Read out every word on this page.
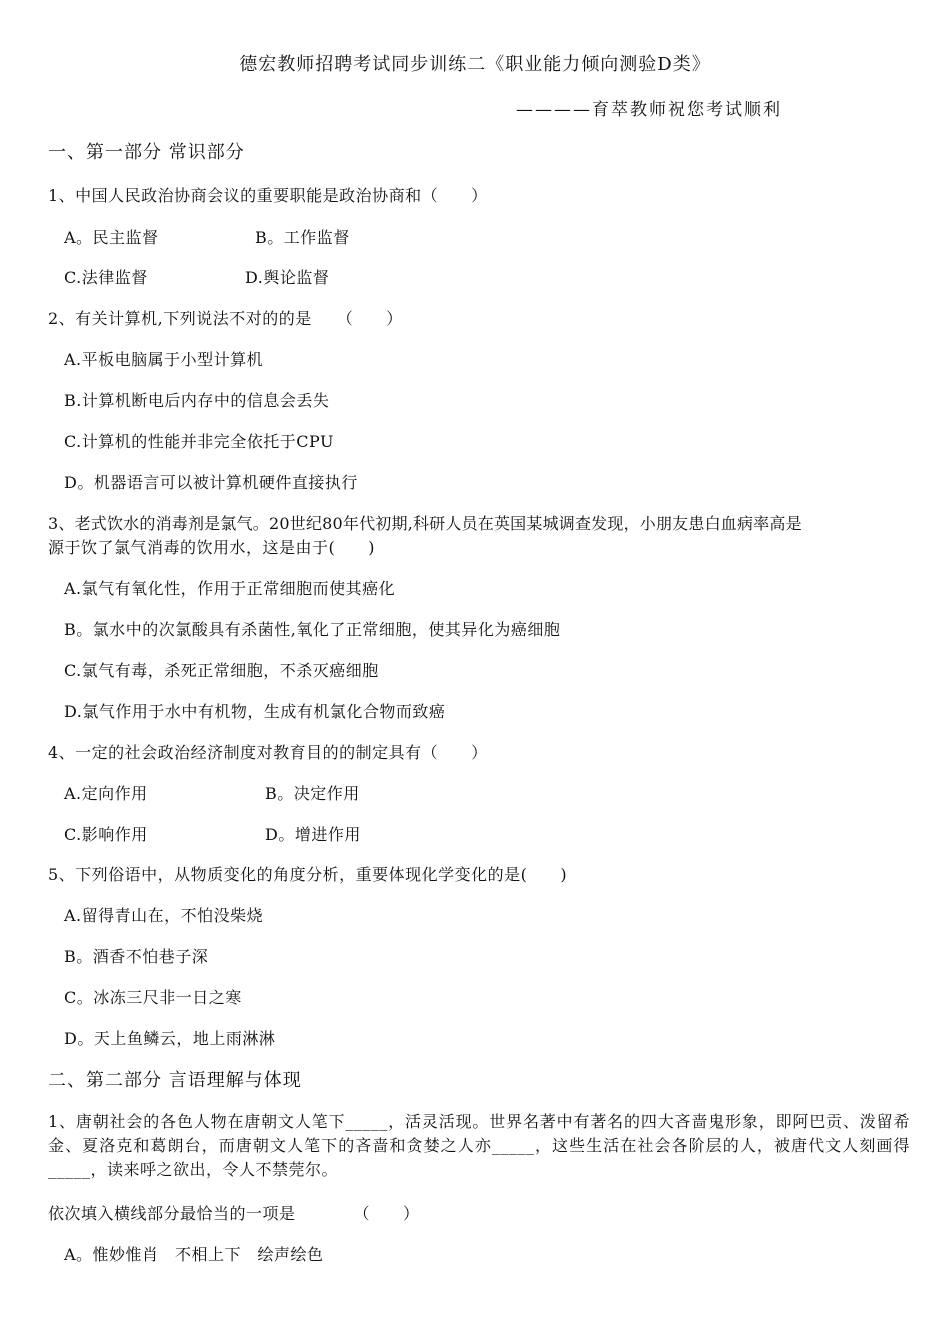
德宏教师招聘考试同步训练二《职业能力倾向测验D类》
————育萃教师祝您考试顺利
一、第一部分 常识部分
1、中国人民政治协商会议的重要职能是政治协商和（　　）
A。民主监督	B。工作监督
C.法律监督	D.舆论监督
2、有关计算机,下列说法不对的的是　　（　　）
A.平板电脑属于小型计算机
B.计算机断电后内存中的信息会丢失
C.计算机的性能并非完全依托于CPU
D。机器语言可以被计算机硬件直接执行
3、老式饮水的消毒剂是氯气。20世纪80年代初期,科研人员在英国某城调查发现，小朋友患白血病率高是
源于饮了氯气消毒的饮用水，这是由于(　　)
A.氯气有氧化性，作用于正常细胞而使其癌化
B。氯水中的次氯酸具有杀菌性,氧化了正常细胞，使其异化为癌细胞
C.氯气有毒，杀死正常细胞，不杀灭癌细胞
D.氯气作用于水中有机物，生成有机氯化合物而致癌
4、一定的社会政治经济制度对教育目的的制定具有（　　）
A.定向作用	B。决定作用
C.影响作用	D。增进作用
5、下列俗语中，从物质变化的角度分析，重要体现化学变化的是(　　)
A.留得青山在，不怕没柴烧
B。酒香不怕巷子深
C。冰冻三尺非一日之寒
D。天上鱼鳞云，地上雨淋淋
二、第二部分 言语理解与体现
1、唐朝社会的各色人物在唐朝文人笔下_____，活灵活现。世界名著中有著名的四大吝啬鬼形象，即阿巴贡、泼留希金、夏洛克和葛朗台，而唐朝文人笔下的吝啬和贪婪之人亦_____，这些生活在社会各阶层的人，被唐代文人刻画得_____，读来呼之欲出，令人不禁莞尔。
依次填入横线部分最恰当的一项是　　　　（　　）
A。惟妙惟肖　不相上下　绘声绘色
